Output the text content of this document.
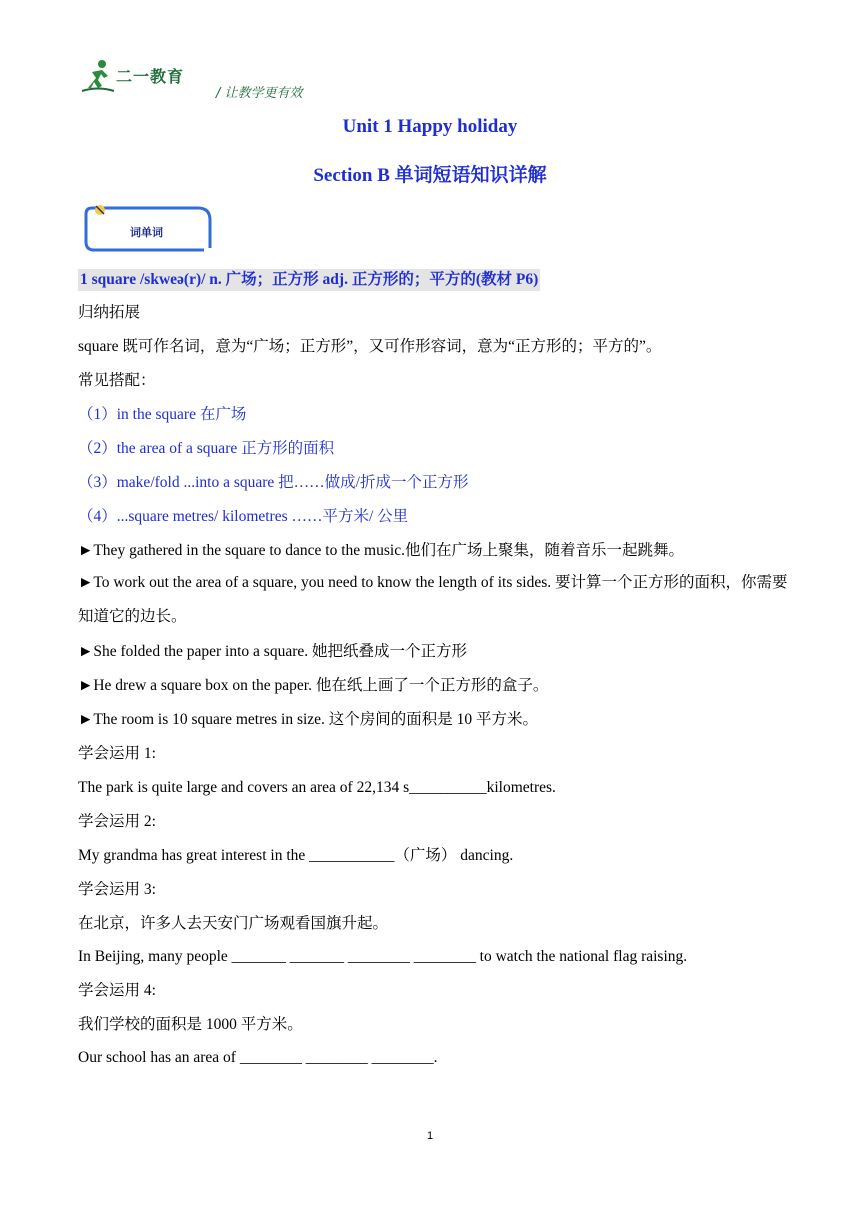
二一教育
/ 让教学更有效
Unit 1 Happy holiday
Section B 单词短语知识详解
词单词
1 square /skweə(r)/ n. 广场；正方形 adj. 正方形的；平方的(教材 P6)
归纳拓展
square 既可作名词，意为“广场；正方形”，又可作形容词，意为“正方形的；平方的”。
常见搭配：
（1）in the square 在广场
（2）the area of a square 正方形的面积
（3）make/fold ...into a square 把……做成/折成一个正方形
（4）...square metres/ kilometres ……平方米/ 公里
►They gathered in the square to dance to the music.他们在广场上聚集，随着音乐一起跳舞。
►To work out the area of a square, you need to know the length of its sides. 要计算一个正方形的面积，你需要知道它的边长。
►She folded the paper into a square. 她把纸叠成一个正方形
►He drew a square box on the paper. 他在纸上画了一个正方形的盒子。
►The room is 10 square metres in size. 这个房间的面积是 10 平方米。
学会运用 1:
The park is quite large and covers an area of 22,134 s__________kilometres.
学会运用 2:
My grandma has great interest in the ___________（广场） dancing.
学会运用 3:
在北京，许多人去天安门广场观看国旗升起。
In Beijing, many people _______ _______ ________ ________ to watch the national flag raising.
学会运用 4:
我们学校的面积是 1000 平方米。
Our school has an area of ________ ________ ________.
1
